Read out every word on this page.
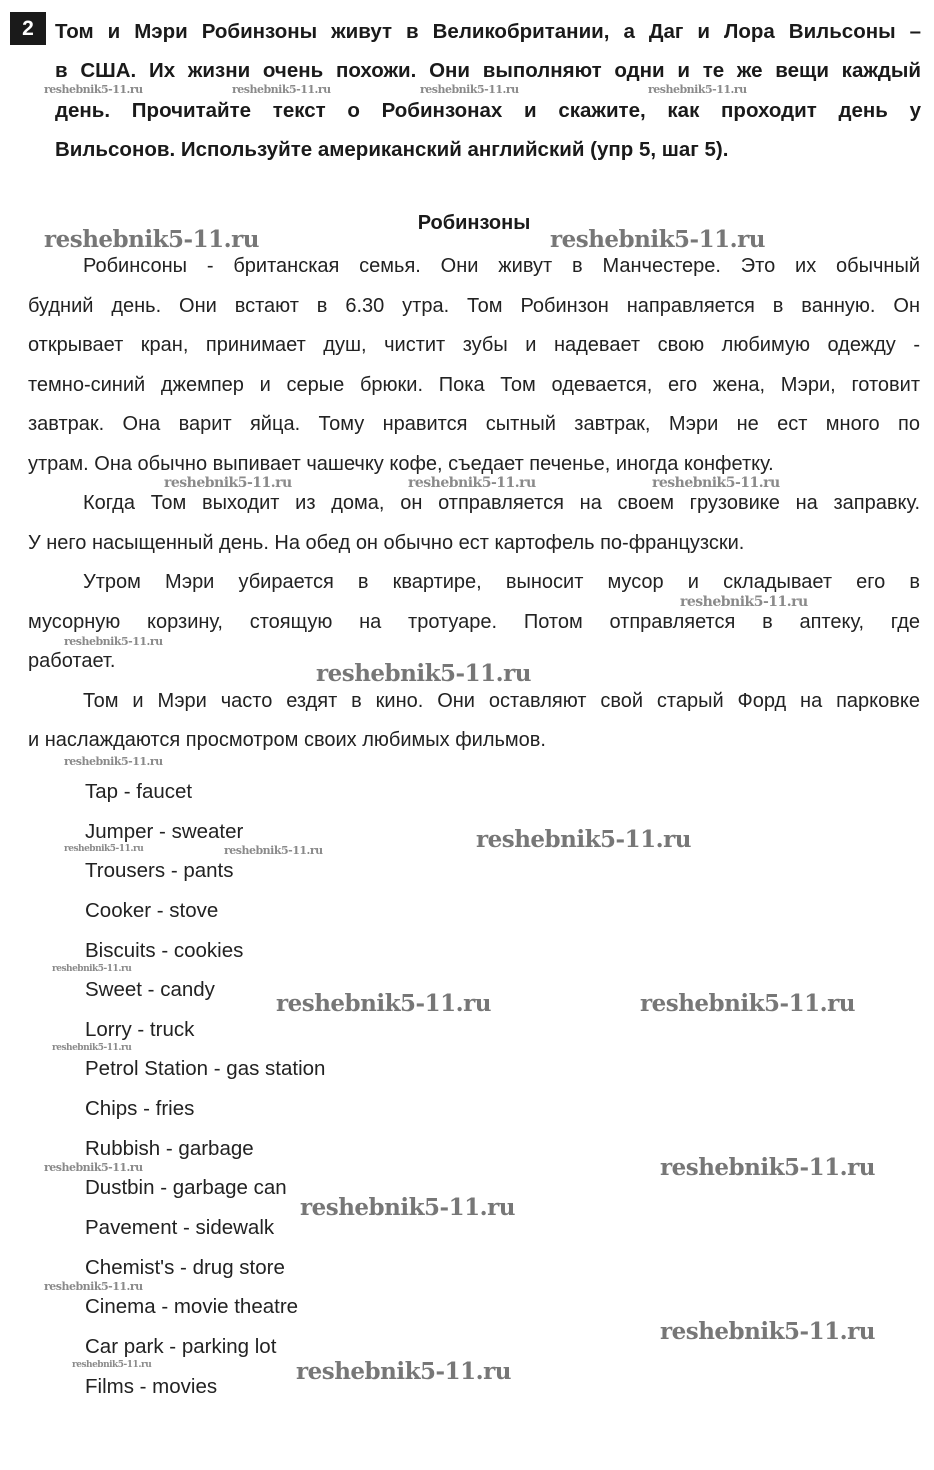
2	Том и Мэри Робинзоны живут в Великобритании, а Даг и Лора Вильсоны –
в США. Их жизни очень похожи. Они выполняют одни и те же вещи каждый
день. Прочитайте текст о Робинзонах и скажите, как проходит день у
Вильсонов. Используйте американский английский (упр 5, шаг 5).
Робинзоны
Робинсоны - британская семья. Они живут в Манчестере. Это их обычный
будний день. Они встают в 6.30 утра. Том Робинзон направляется в ванную. Он
открывает кран, принимает душ, чистит зубы и надевает свою любимую одежду -
темно-синий джемпер и серые брюки. Пока Том одевается, его жена, Мэри, готовит
завтрак. Она варит яйца. Тому нравится сытный завтрак, Мэри не ест много по
утрам. Она обычно выпивает чашечку кофе, съедает печенье, иногда конфетку.
Когда Том выходит из дома, он отправляется на своем грузовике на заправку.
У него насыщенный день. На обед он обычно ест картофель по-французски.
Утром Мэри убирается в квартире, выносит мусор и складывает его в
мусорную корзину, стоящую на тротуаре. Потом отправляется в аптеку, где
работает.
Том и Мэри часто ездят в кино. Они оставляют свой старый Форд на парковке
и наслаждаются просмотром своих любимых фильмов.
Tap - faucet
Jumper - sweater
Trousers - pants
Cooker - stove
Biscuits - cookies
Sweet - candy
Lorry - truck
Petrol Station - gas station
Chips - fries
Rubbish - garbage
Dustbin - garbage can
Pavement - sidewalk
Chemist's - drug store
Cinema - movie theatre
Car park - parking lot
Films - movies
reshebnik5-11.ru	reshebnik5-11.ru	reshebnik5-11.ru	reshebnik5-11.ru
reshebnik5-11.ru	reshebnik5-11.ru
reshebnik5-11.ru	reshebnik5-11.ru	reshebnik5-11.ru
reshebnik5-11.ru
reshebnik5-11.ru
reshebnik5-11.ru
reshebnik5-11.ru
reshebnik5-11.ru	reshebnik5-11.ru	reshebnik5-11.ru
reshebnik5-11.ru
reshebnik5-11.ru	reshebnik5-11.ru
reshebnik5-11.ru
reshebnik5-11.ru	reshebnik5-11.ru
reshebnik5-11.ru
reshebnik5-11.ru
reshebnik5-11.ru
reshebnik5-11.ru	reshebnik5-11.ru
